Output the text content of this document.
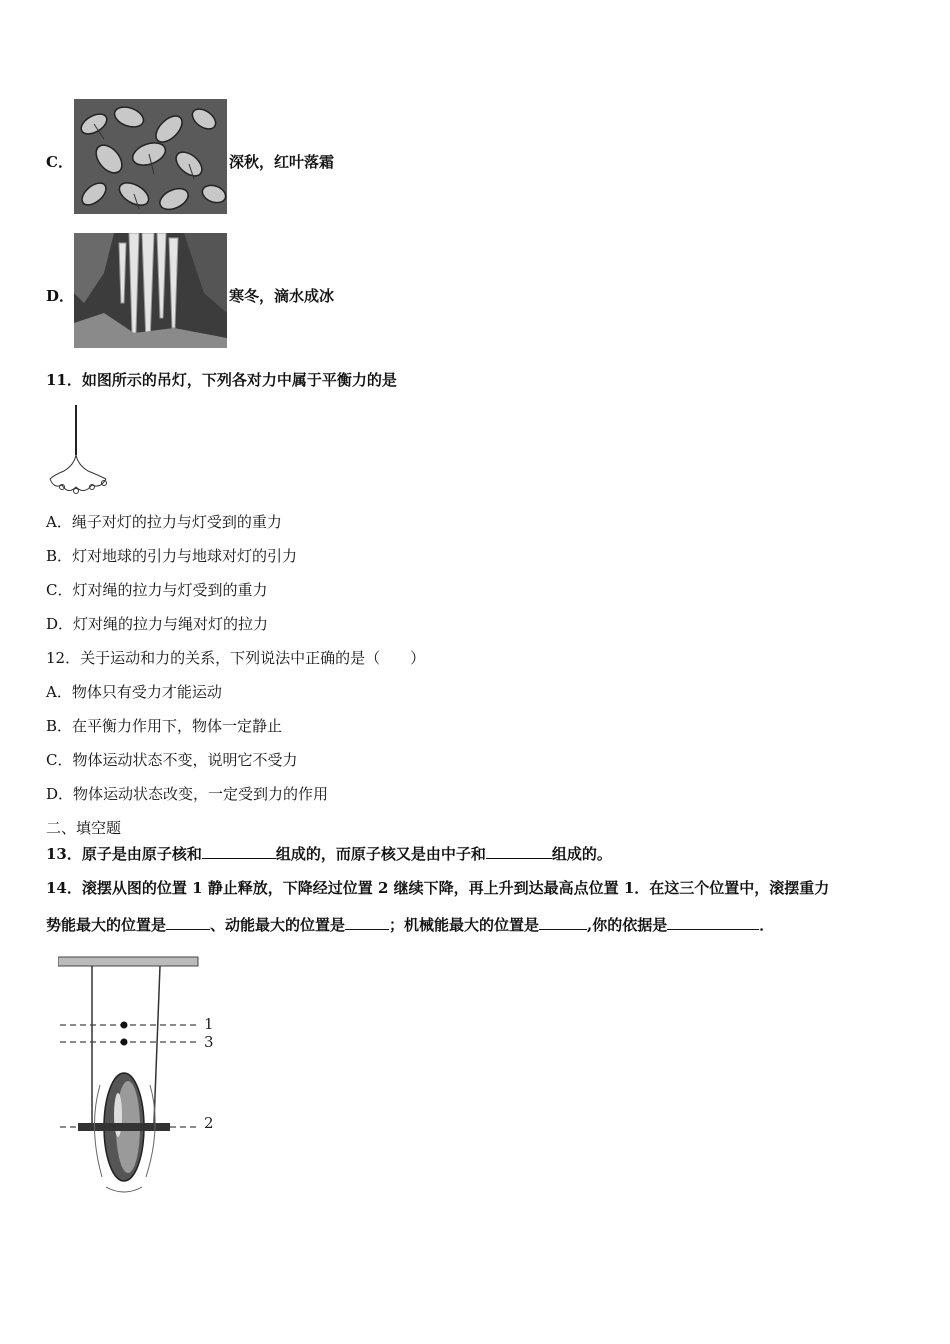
C．	深秋，红叶落霜
D．	寒冬，滴水成冰
11．如图所示的吊灯，下列各对力中属于平衡力的是
A．绳子对灯的拉力与灯受到的重力
B．灯对地球的引力与地球对灯的引力
C．灯对绳的拉力与灯受到的重力
D．灯对绳的拉力与绳对灯的拉力
12．关于运动和力的关系，下列说法中正确的是（　　）
A．物体只有受力才能运动
B．在平衡力作用下，物体一定静止
C．物体运动状态不变，说明它不受力
D．物体运动状态改变，一定受到力的作用
二、填空题
13．原子是由原子核和	组成的，而原子核又是由中子和	组成的。
14．滚摆从图的位置 1 静止释放，下降经过位置 2 继续下降，再上升到达最高点位置 1．在这三个位置中，滚摆重力
势能最大的位置是	、动能最大的位置是	；机械能最大的位置是	,你的依据是	．
1
3
2
